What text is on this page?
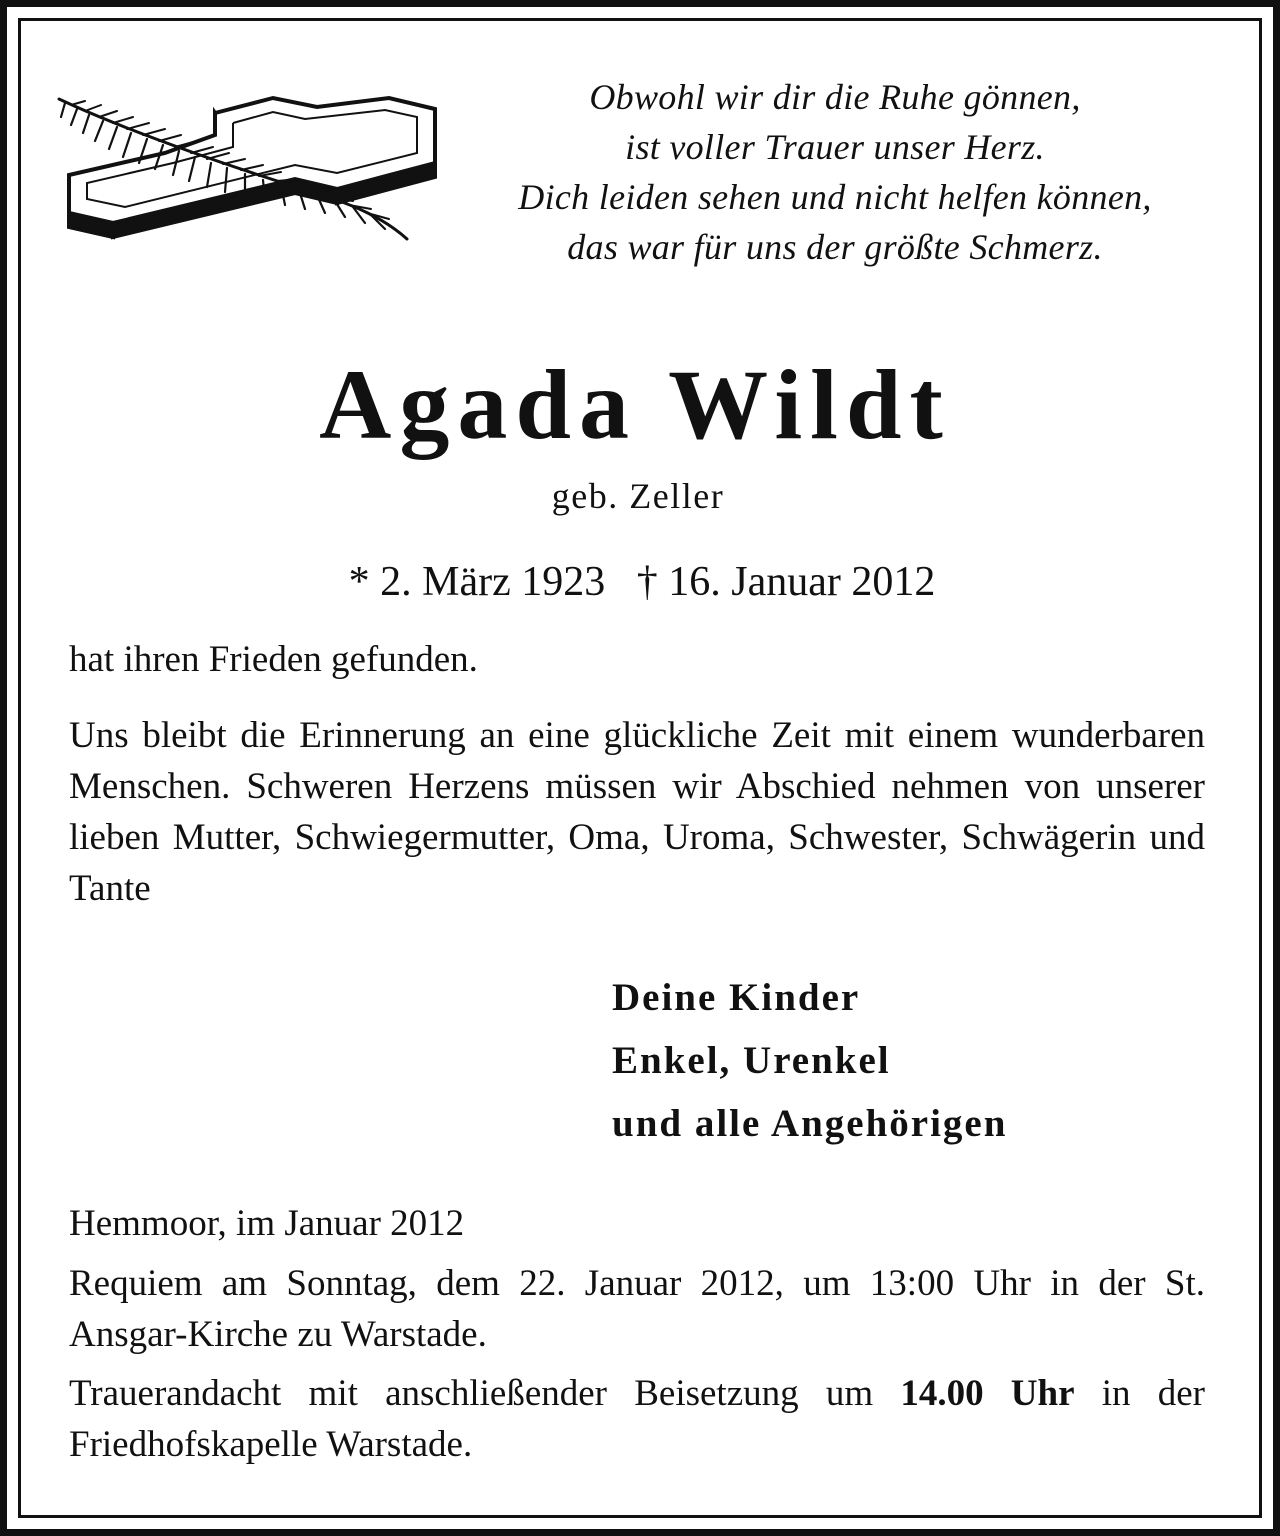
Obwohl wir dir die Ruhe gönnen,
ist voller Trauer unser Herz.
Dich leiden sehen und nicht helfen können,
das war für uns der größte Schmerz.
Agada Wildt
geb. Zeller
* 2. März 1923 † 16. Januar 2012
hat ihren Frieden gefunden.
Uns bleibt die Erinnerung an eine glückliche Zeit mit einem wunderbaren Menschen. Schweren Herzens müssen wir Abschied nehmen von unserer lieben Mutter, Schwiegermutter, Oma, Uroma, Schwester, Schwägerin und Tante
Deine Kinder
Enkel, Urenkel
und alle Angehörigen
Hemmoor, im Januar 2012
Requiem am Sonntag, dem 22. Januar 2012, um 13:00 Uhr in der St. Ansgar-Kirche zu Warstade.
Trauerandacht mit anschließender Beisetzung um 14.00 Uhr in der Friedhofskapelle Warstade.
